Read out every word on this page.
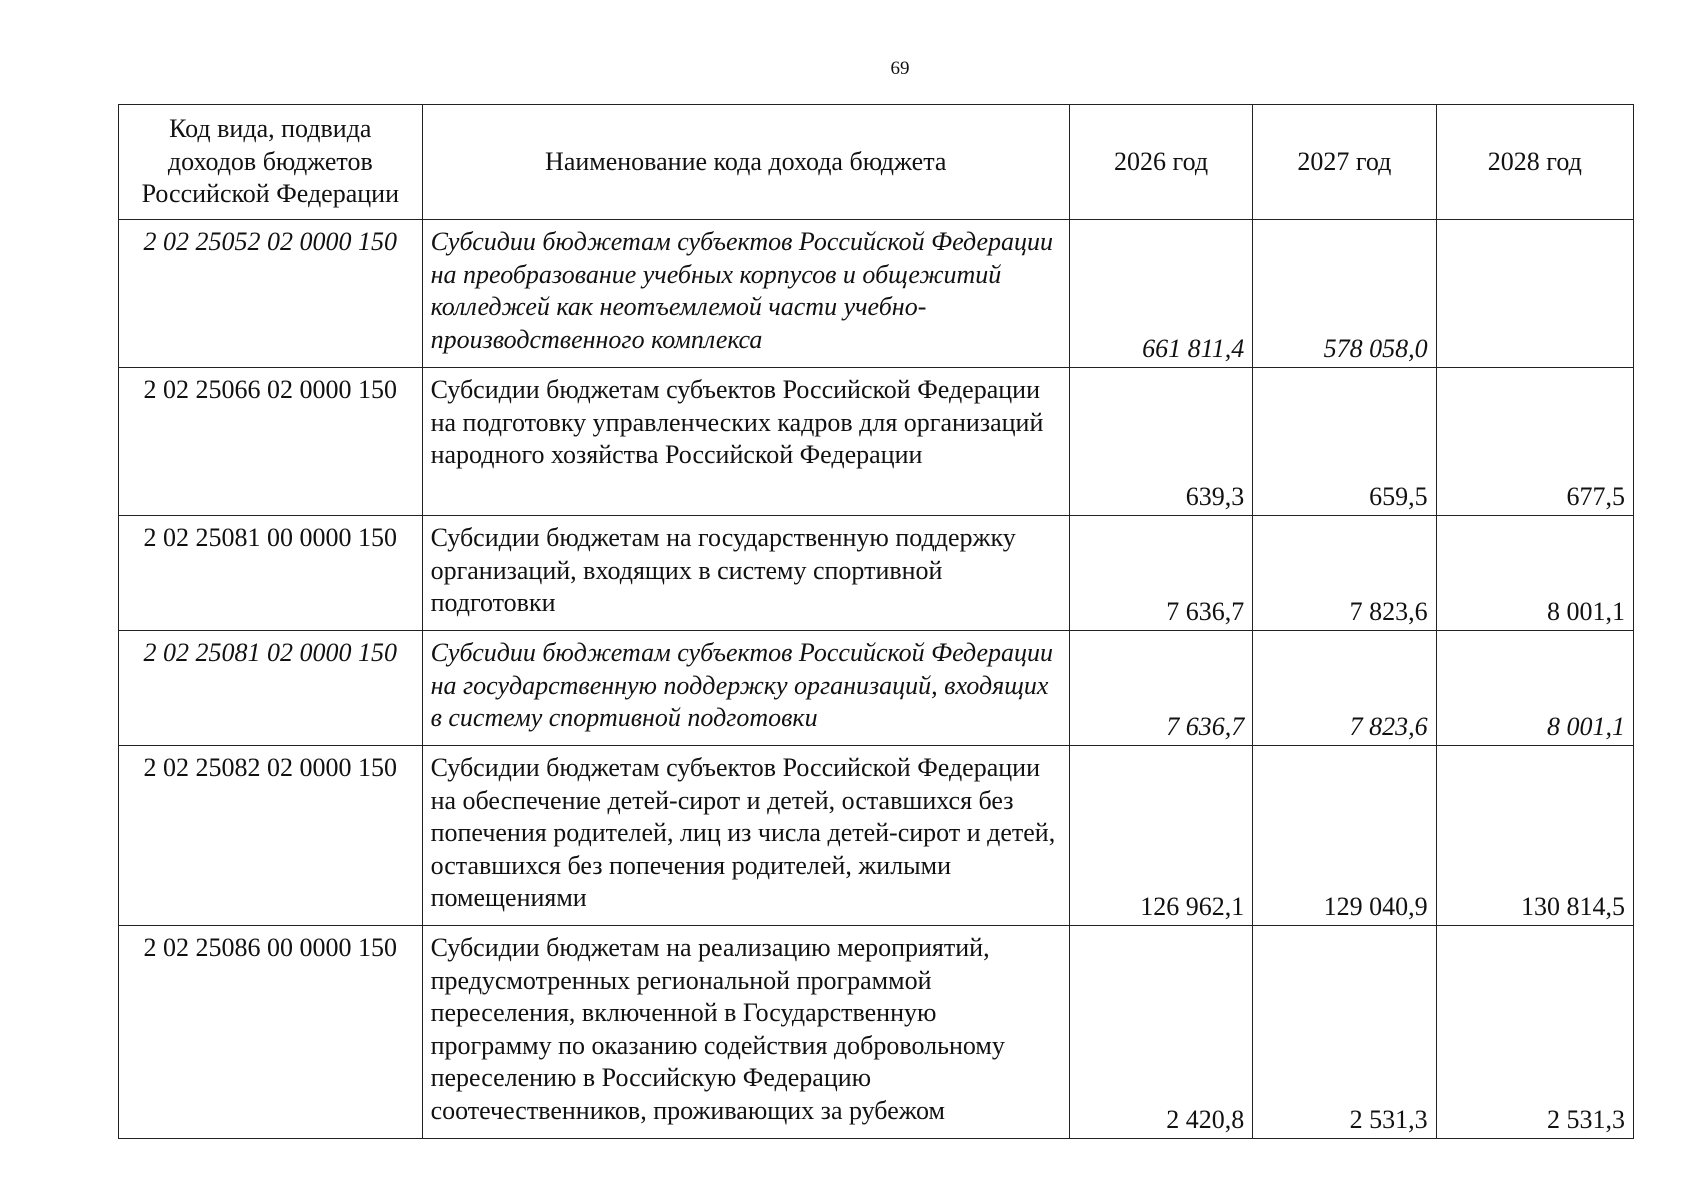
69
Код вида, подвида доходов бюджетов Российской Федерации	Наименование кода дохода бюджета	2026 год	2027 год	2028 год
2 02 25052 02 0000 150	Субсидии бюджетам субъектов Российской Федерации на преобразование учебных корпусов и общежитий колледжей как неотъемлемой части учебно-производственного комплекса	661 811,4	578 058,0	
2 02 25066 02 0000 150	Субсидии бюджетам субъектов Российской Федерации на подготовку управленческих кадров для организаций народного хозяйства Российской Федерации	639,3	659,5	677,5
2 02 25081 00 0000 150	Субсидии бюджетам на государственную поддержку организаций, входящих в систему спортивной подготовки	7 636,7	7 823,6	8 001,1
2 02 25081 02 0000 150	Субсидии бюджетам субъектов Российской Федерации на государственную поддержку организаций, входящих в систему спортивной подготовки	7 636,7	7 823,6	8 001,1
2 02 25082 02 0000 150	Субсидии бюджетам субъектов Российской Федерации на обеспечение детей-сирот и детей, оставшихся без попечения родителей, лиц из числа детей-сирот и детей, оставшихся без попечения родителей, жилыми помещениями	126 962,1	129 040,9	130 814,5
2 02 25086 00 0000 150	Субсидии бюджетам на реализацию мероприятий, предусмотренных региональной программой переселения, включенной в Государственную программу по оказанию содействия добровольному переселению в Российскую Федерацию соотечественников, проживающих за рубежом	2 420,8	2 531,3	2 531,3
